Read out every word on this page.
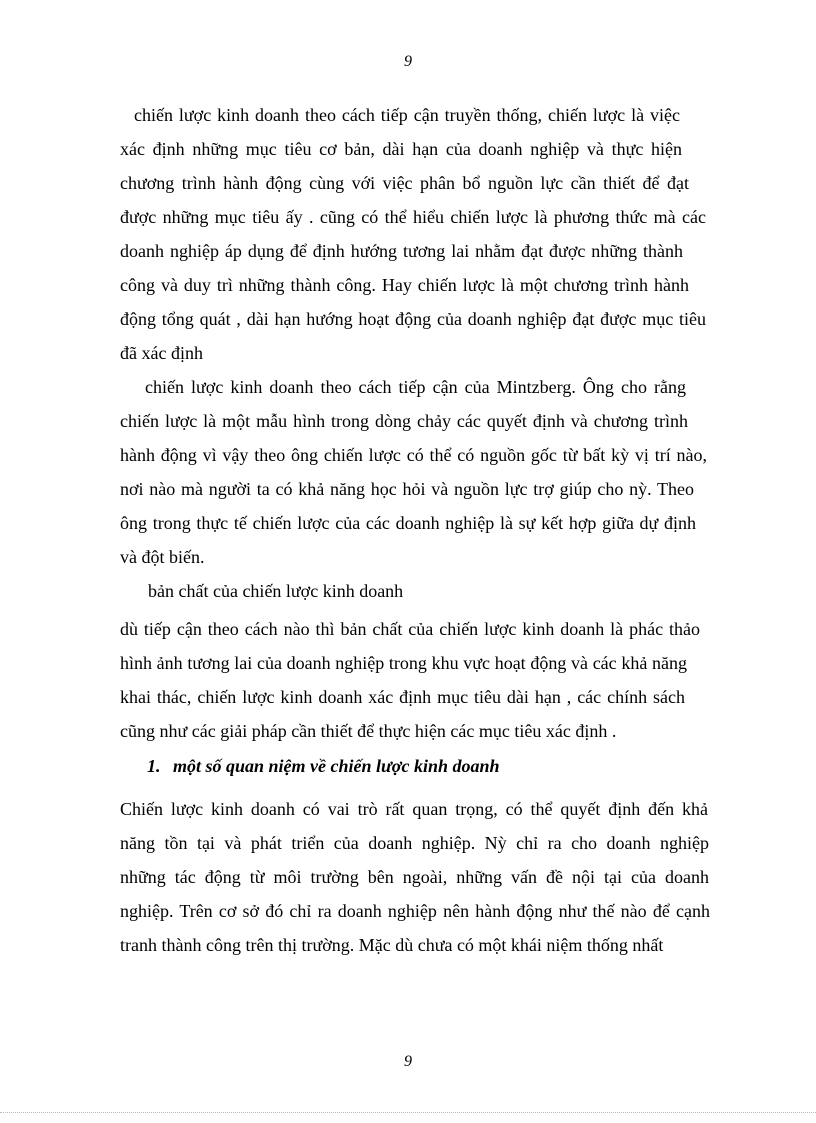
9
chiến lược kinh doanh theo cách tiếp cận truyền thống, chiến lược là việc
xác định những mục tiêu cơ bản, dài hạn của doanh nghiệp và thực hiện
chương trình hành động cùng với việc phân bổ nguồn lực cần thiết để đạt
được những mục tiêu ấy . cũng có thể hiểu chiến lược là phương thức mà các
doanh nghiệp áp dụng để định hướng tương lai nhằm đạt được những thành
công và duy trì những thành công. Hay chiến lược là một chương trình hành
động tổng quát , dài hạn hướng hoạt động của doanh nghiệp đạt được mục tiêu
đã xác định
chiến lược kinh doanh theo cách tiếp cận của Mintzberg. Ông cho rằng
chiến lược là một mẫu hình trong dòng chảy các quyết định và chương trình
hành động vì vậy theo ông chiến lược có thể có nguồn gốc từ bất kỳ vị trí nào,
nơi nào mà người ta có khả năng học hỏi và nguồn lực trợ giúp cho nỳ. Theo
ông trong thực tế chiến lược của các doanh nghiệp là sự kết hợp giữa dự định
và đột biến.
bản chất của chiến lược kinh doanh
dù tiếp cận theo cách nào thì bản chất của chiến lược kinh doanh là phác thảo
hình ảnh tương lai của doanh nghiệp trong khu vực hoạt động và các khả năng
khai thác, chiến lược kinh doanh xác định mục tiêu dài hạn , các chính sách
cũng như các giải pháp cần thiết để thực hiện các mục tiêu xác định .
1. một số quan niệm về chiến lược kinh doanh
Chiến lược kinh doanh có vai trò rất quan trọng, có thể quyết định đến khả
năng tồn tại và phát triển của doanh nghiệp. Nỳ chỉ ra cho doanh nghiệp
những tác động từ môi trường bên ngoài, những vấn đề nội tại của doanh
nghiệp. Trên cơ sở đó chỉ ra doanh nghiệp nên hành động như thế nào để cạnh
tranh thành công trên thị trường. Mặc dù chưa có một khái niệm thống nhất
9
